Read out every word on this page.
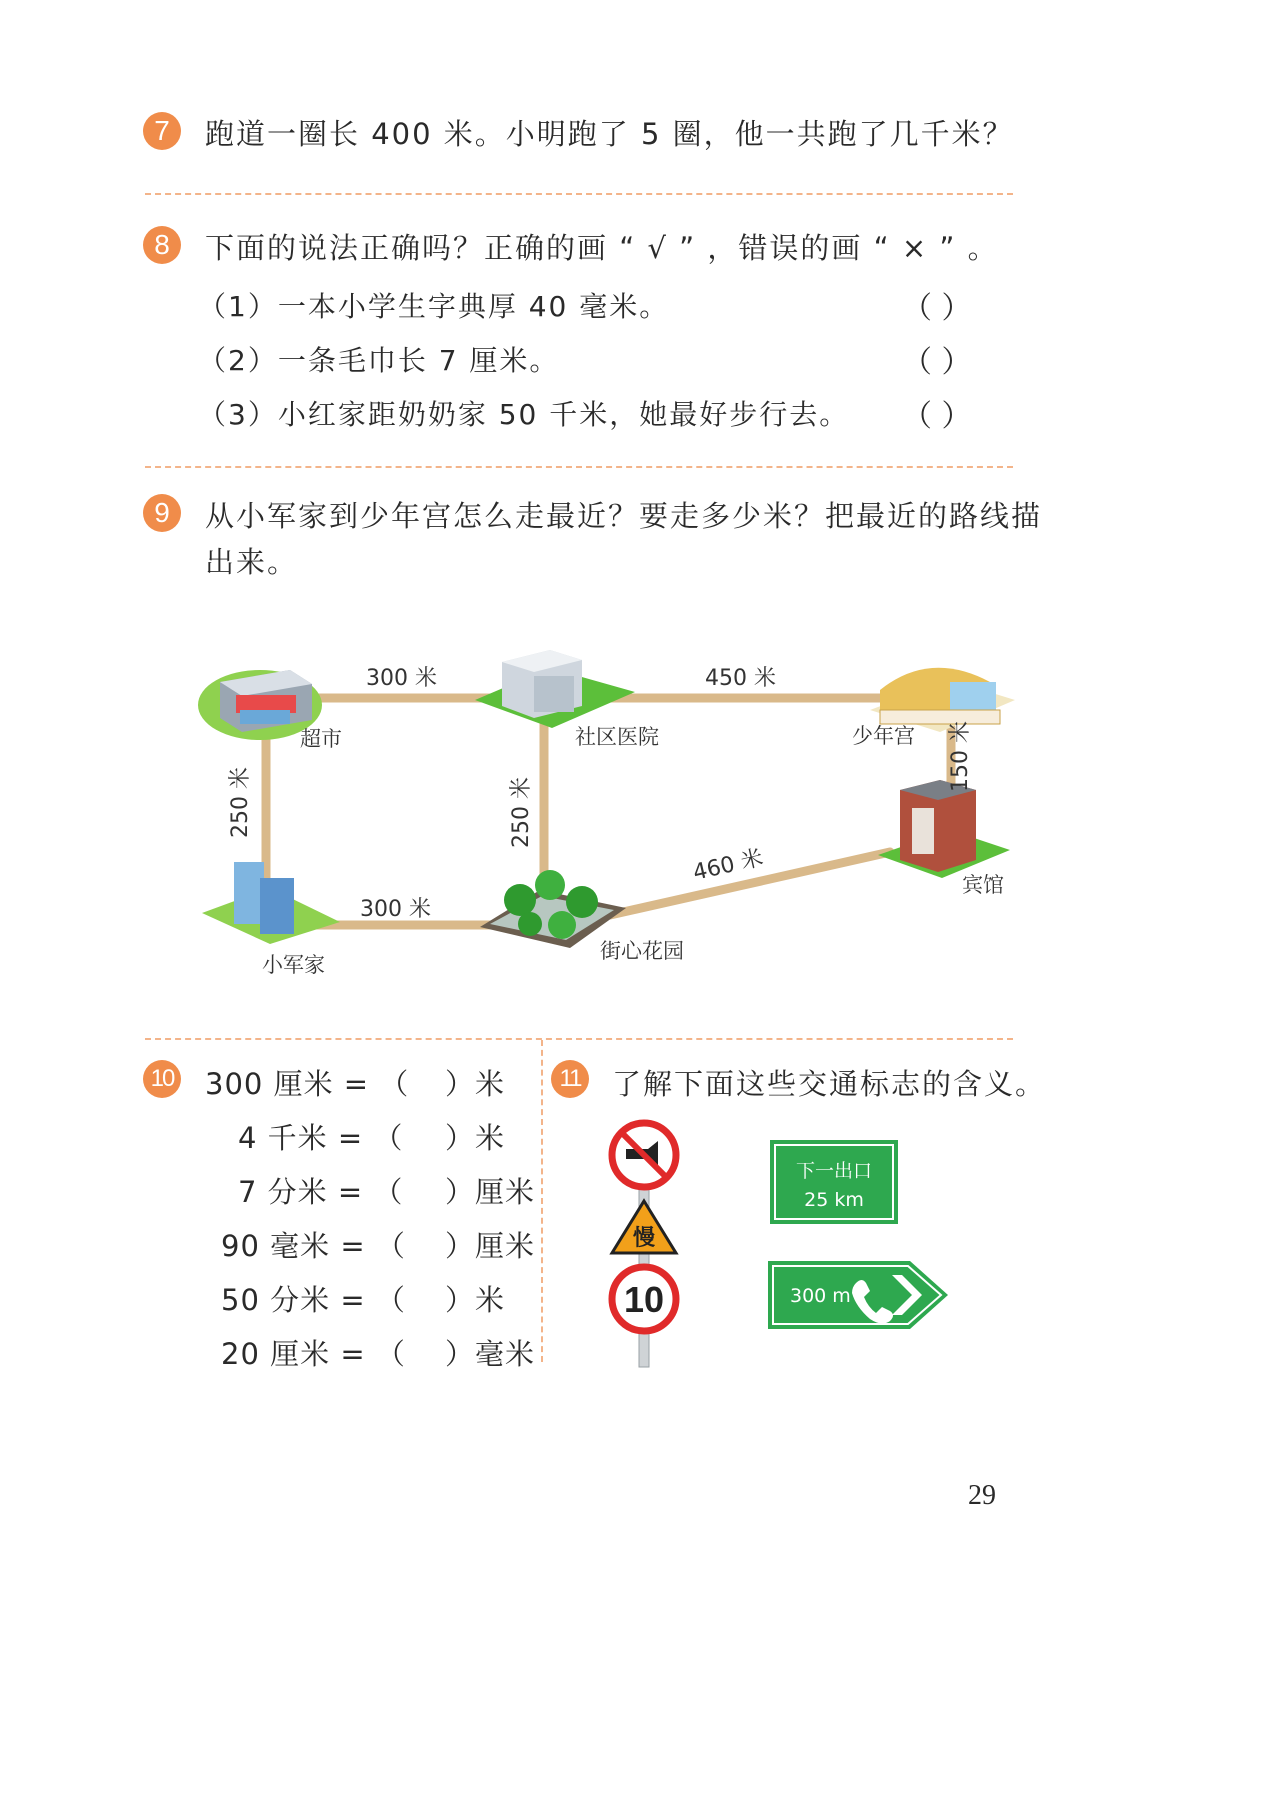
7	跑道一圈长 400 米。小明跑了 5 圈，他一共跑了几千米？
8	下面的说法正确吗？正确的画 “ √ ” ，错误的画 “ × ” 。
（1）一本小学生字典厚 40 毫米。	（ ）
（2）一条毛巾长 7 厘米。	（ ）
（3）小红家距奶奶家 50 千米，她最好步行去。 （ ）
9	从小军家到少年宫怎么走最近？要走多少米？把最近的路线描
出来。
超市	社区医院	少年宫
宾馆
小军家
街心花园
300 米	450 米
250 米	250 米
150 米
300 米
460 米
10 300 厘米 = （ ）米
4 千米 = （ ）米
7 分米 = （ ）厘米
90 毫米 = （ ）厘米
50 分米 = （ ）米
20 厘米 = （ ）毫米
11 了解下面这些交通标志的含义。
慢
10
下一出口
25 km
300 m
29
